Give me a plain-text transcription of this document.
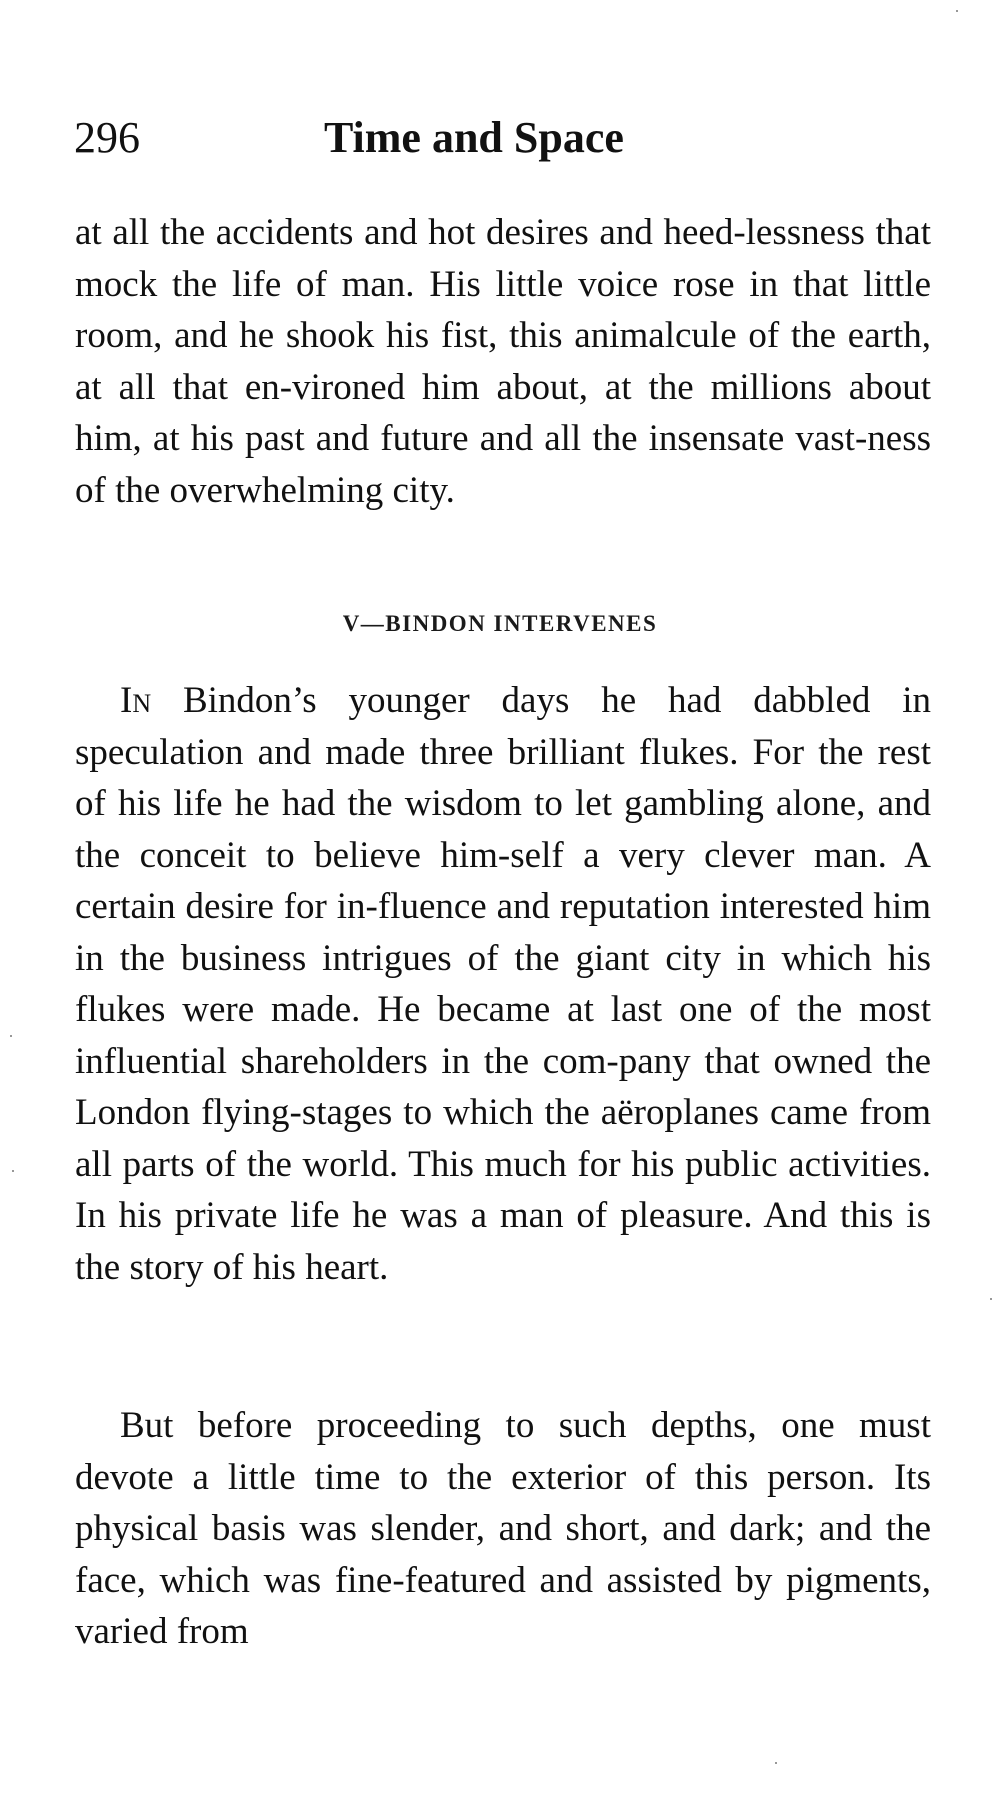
296	Time and Space

at all the accidents and hot desires and heed-lessness that mock the life of man. His little voice rose in that little room, and he shook his fist, this animalcule of the earth, at all that en-vironed him about, at the millions about him, at his past and future and all the insensate vast-ness of the overwhelming city.

V—BINDON INTERVENES

In Bindon’s younger days he had dabbled in speculation and made three brilliant flukes. For the rest of his life he had the wisdom to let gambling alone, and the conceit to believe him-self a very clever man. A certain desire for in-fluence and reputation interested him in the business intrigues of the giant city in which his flukes were made. He became at last one of the most influential shareholders in the com-pany that owned the London flying-stages to which the aëroplanes came from all parts of the world. This much for his public activities. In his private life he was a man of pleasure. And this is the story of his heart.

But before proceeding to such depths, one must devote a little time to the exterior of this person. Its physical basis was slender, and short, and dark; and the face, which was fine-featured and assisted by pigments, varied from
